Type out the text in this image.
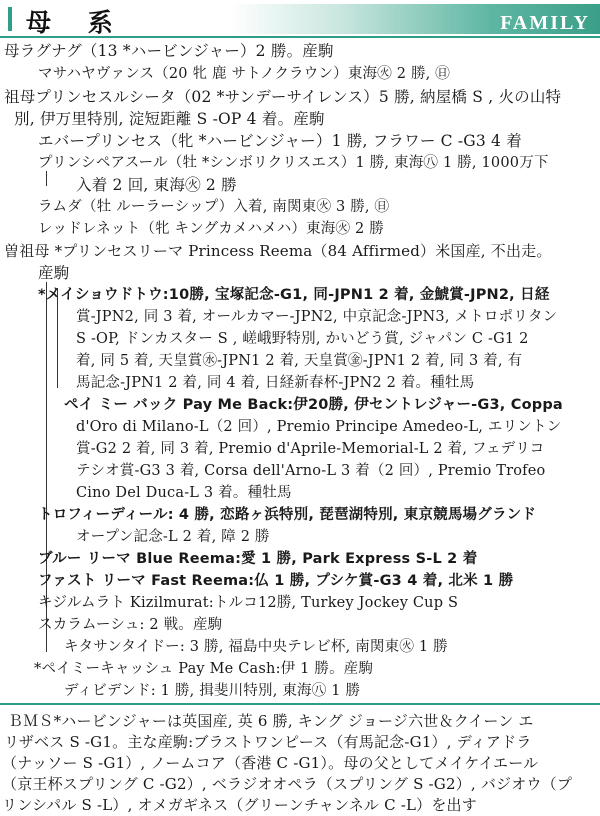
母 系	FAMILY
母ラグナグ（13 *ハービンジャー）2 勝。産駒
マサハヤヴァンス（20 牝 鹿 サトノクラウン）東海㊋ 2 勝, ㊐
祖母プリンセスルシータ（02 *サンデーサイレンス）5 勝, 納屋橋 S , 火の山特
別, 伊万里特別, 淀短距離 S -OP 4 着。産駒
エバープリンセス（牝 *ハービンジャー）1 勝, フラワー C -G3 4 着
プリンシペアスール（牡 *シンボリクリスエス）1 勝, 東海㊇ 1 勝, 1000万下
入着 2 回, 東海㊋ 2 勝
ラムダ（牡 ルーラーシップ）入着, 南関東㊋ 3 勝, ㊐
レッドレネット（牝 キングカメハメハ）東海㊋ 2 勝
曽祖母 *プリンセスリーマ Princess Reema（84 Affirmed）米国産, 不出走。
産駒
*メイショウドトウ:10勝, 宝塚記念-G1, 同-JPN1 2 着, 金鯱賞-JPN2, 日経
賞-JPN2, 同 3 着, オールカマー-JPN2, 中京記念-JPN3, メトロポリタン
S -OP, ドンカスター S , 嵯峨野特別, かいどう賞, ジャパン C -G1 2
着, 同 5 着, 天皇賞㊌-JPN1 2 着, 天皇賞㊎-JPN1 2 着, 同 3 着, 有
馬記念-JPN1 2 着, 同 4 着, 日経新春杯-JPN2 2 着。種牡馬
ペイ ミー バック Pay Me Back:伊20勝, 伊セントレジャー-G3, Coppa
d'Oro di Milano-L（2 回）, Premio Principe Amedeo-L, エリントン
賞-G2 2 着, 同 3 着, Premio d'Aprile-Memorial-L 2 着, フェデリコ
テシオ賞-G3 3 着, Corsa dell'Arno-L 3 着（2 回）, Premio Trofeo
Cino Del Duca-L 3 着。種牡馬
トロフィーディール: 4 勝, 恋路ヶ浜特別, 琵琶湖特別, 東京競馬場グランド
オープン記念-L 2 着, 障 2 勝
ブルー リーマ Blue Reema:愛 1 勝, Park Express S-L 2 着
ファスト リーマ Fast Reema:仏 1 勝, プシケ賞-G3 4 着, 北米 1 勝
キジルムラト Kizilmurat:トルコ12勝, Turkey Jockey Cup S
スカラムーシュ: 2 戦。産駒
キタサンタイドー: 3 勝, 福島中央テレビ杯, 南関東㊋ 1 勝
*ペイミーキャッシュ Pay Me Cash:伊 1 勝。産駒
ディビデンド: 1 勝, 揖斐川特別, 東海㊇ 1 勝
ＢＭＳ*ハービンジャーは英国産, 英 6 勝, キング ジョージ六世＆クイーン エ
リザベス S -G1。主な産駒:ブラストワンピース（有馬記念-G1）, ディアドラ
（ナッソー S -G1）, ノームコア（香港 C -G1）。母の父としてメイケイエール
（京王杯スプリング C -G2）, ベラジオオペラ（スプリング S -G2）, バジオウ（プ
リンシパル S -L）, オメガギネス（グリーンチャンネル C -L）を出す
